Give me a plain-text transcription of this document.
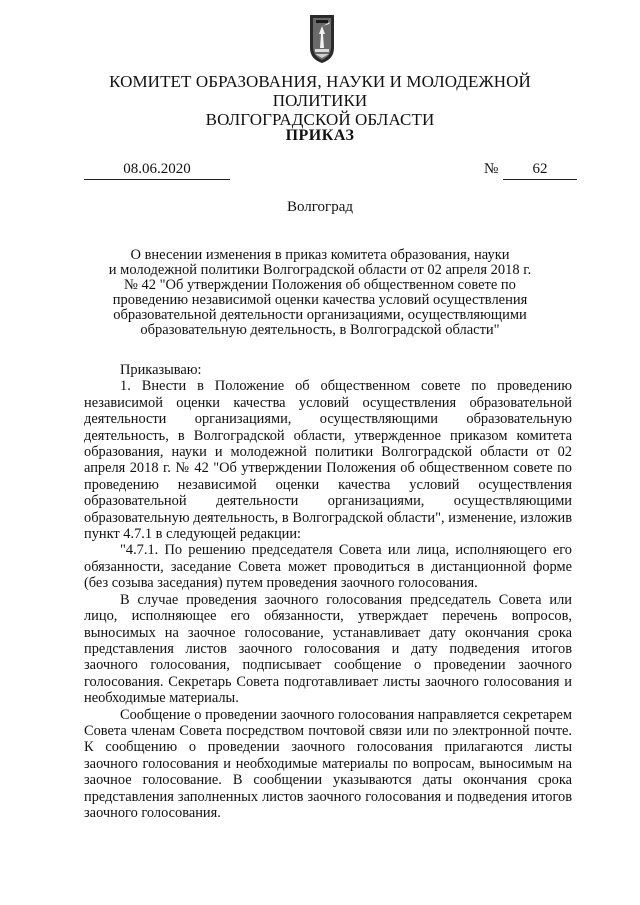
КОМИТЕТ ОБРАЗОВАНИЯ, НАУКИ И МОЛОДЕЖНОЙ ПОЛИТИКИ
ВОЛГОГРАДСКОЙ ОБЛАСТИ
ПРИКАЗ
08.06.2020	№	62
Волгоград
О внесении изменения в приказ комитета образования, науки
и молодежной политики Волгоградской области от 02 апреля 2018 г.
№ 42 "Об утверждении Положения об общественном совете по
проведению независимой оценки качества условий осуществления
образовательной деятельности организациями, осуществляющими
образовательную деятельность, в Волгоградской области"

Приказываю:

1. Внести в Положение об общественном совете по проведению независимой оценки качества условий осуществления образовательной деятельности организациями, осуществляющими образовательную деятельность, в Волгоградской области, утвержденное приказом комитета образования, науки и молодежной политики Волгоградской области от 02 апреля 2018 г. № 42 "Об утверждении Положения об общественном совете по проведению независимой оценки качества условий осуществления образовательной деятельности организациями, осуществляющими образовательную деятельность, в Волгоградской области", изменение, изложив пункт 4.7.1 в следующей редакции:

"4.7.1. По решению председателя Совета или лица, исполняющего его обязанности, заседание Совета может проводиться в дистанционной форме (без созыва заседания) путем проведения заочного голосования.

В случае проведения заочного голосования председатель Совета или лицо, исполняющее его обязанности, утверждает перечень вопросов, выносимых на заочное голосование, устанавливает дату окончания срока представления листов заочного голосования и дату подведения итогов заочного голосования, подписывает сообщение о проведении заочного голосования. Секретарь Совета подготавливает листы заочного голосования и необходимые материалы.

Сообщение о проведении заочного голосования направляется секретарем Совета членам Совета посредством почтовой связи или по электронной почте. К сообщению о проведении заочного голосования прилагаются листы заочного голосования и необходимые материалы по вопросам, выносимым на заочное голосование. В сообщении указываются даты окончания срока представления заполненных листов заочного голосования и подведения итогов заочного голосования.
